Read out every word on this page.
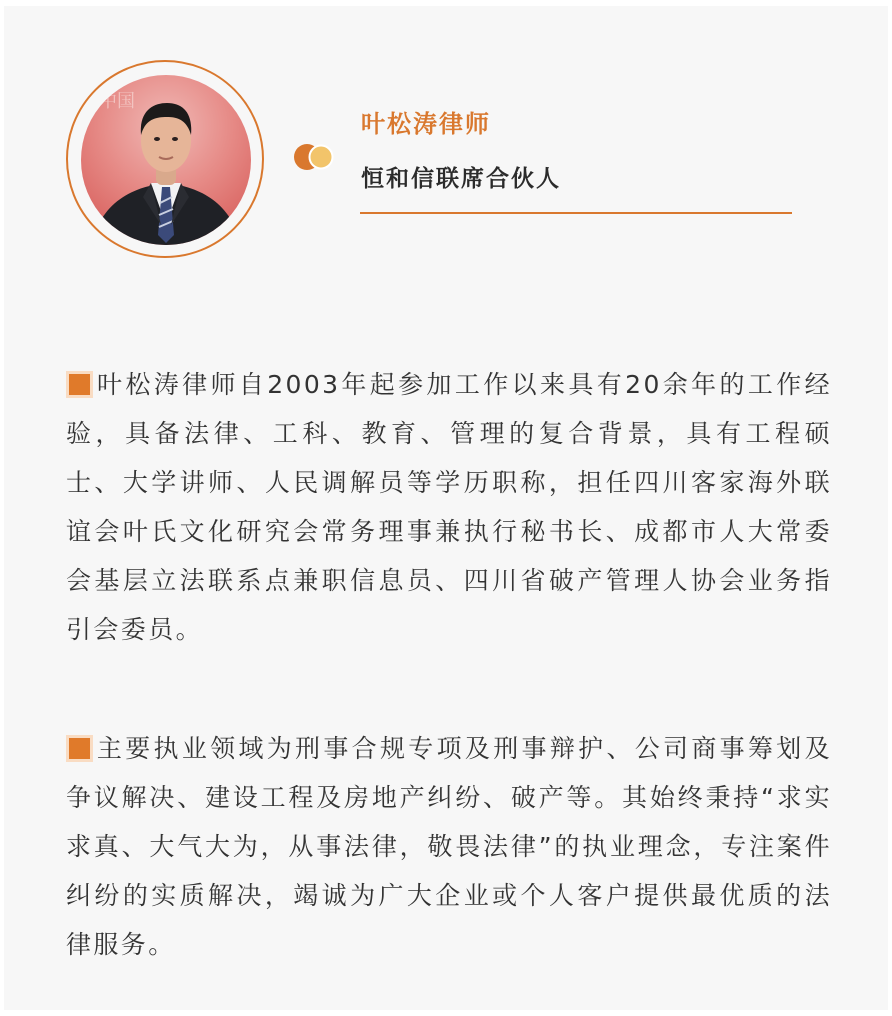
中国
叶松涛律师
恒和信联席合伙人

叶松涛律师自2003年起参加工作以来具有20余年的工作经验，具备法律、工科、教育、管理的复合背景，具有工程硕士、大学讲师、人民调解员等学历职称，担任四川客家海外联谊会叶氏文化研究会常务理事兼执行秘书长、成都市人大常委会基层立法联系点兼职信息员、四川省破产管理人协会业务指引会委员。

主要执业领域为刑事合规专项及刑事辩护、公司商事筹划及争议解决、建设工程及房地产纠纷、破产等。其始终秉持“求实求真、大气大为，从事法律，敬畏法律”的执业理念，专注案件纠纷的实质解决，竭诚为广大企业或个人客户提供最优质的法律服务。
